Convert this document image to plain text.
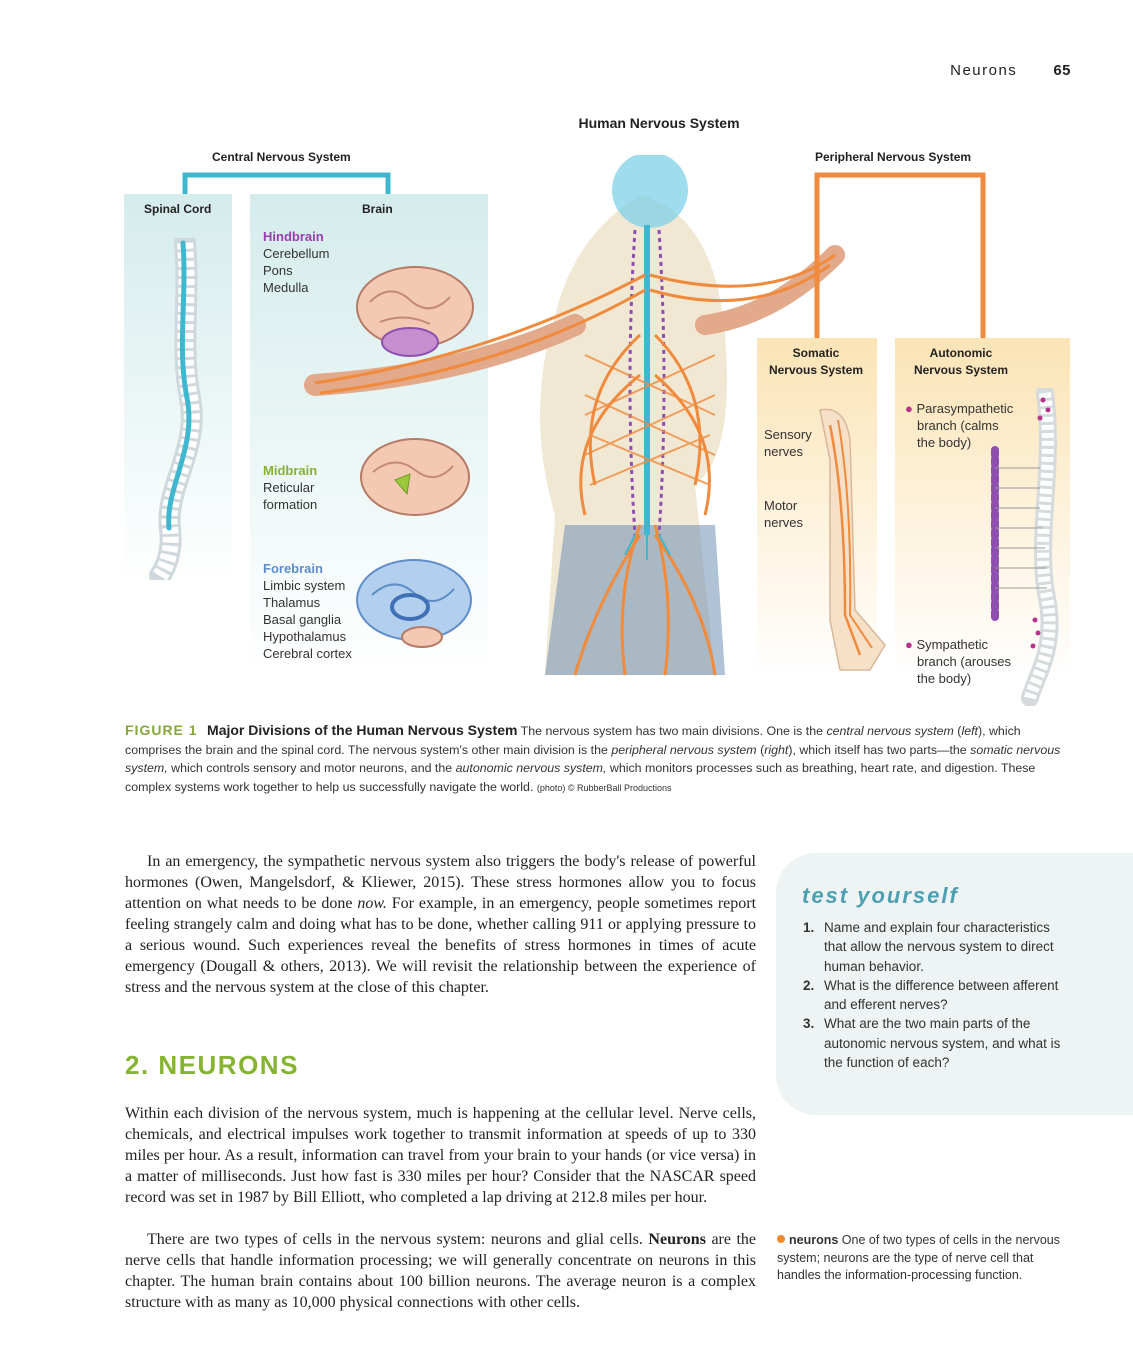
Neurons 65
Human Nervous System
Central Nervous System
Spinal Cord	Brain
Hindbrain
Cerebellum
Pons
Medulla
Midbrain
Reticular
formation
Forebrain
Limbic system
Thalamus
Basal ganglia
Hypothalamus
Cerebral cortex
Peripheral Nervous System
Somatic
Nervous System
Autonomic
Nervous System
Sensory
nerves
Motor
nerves
● Parasympathetic
branch (calms
the body)
● Sympathetic
branch (arouses
the body)
FIGURE 1 Major Divisions of the Human Nervous System The nervous system has two main divisions. One is the central nervous system (left), which comprises the brain and the spinal cord. The nervous system's other main division is the peripheral nervous system (right), which itself has two parts—the somatic nervous system, which controls sensory and motor neurons, and the autonomic nervous system, which monitors processes such as breathing, heart rate, and digestion. These complex systems work together to help us successfully navigate the world. (photo) © RubberBall Productions

In an emergency, the sympathetic nervous system also triggers the body's release of powerful hormones (Owen, Mangelsdorf, & Kliewer, 2015). These stress hormones allow you to focus attention on what needs to be done now. For example, in an emergency, people sometimes report feeling strangely calm and doing what has to be done, whether calling 911 or applying pressure to a serious wound. Such experiences reveal the benefits of stress hormones in times of acute emergency (Dougall & others, 2013). We will revisit the relationship between the experience of stress and the nervous system at the close of this chapter.

2. NEURONS

Within each division of the nervous system, much is happening at the cellular level. Nerve cells, chemicals, and electrical impulses work together to transmit information at speeds of up to 330 miles per hour. As a result, information can travel from your brain to your hands (or vice versa) in a matter of milliseconds. Just how fast is 330 miles per hour? Consider that the NASCAR speed record was set in 1987 by Bill Elliott, who completed a lap driving at 212.8 miles per hour.

There are two types of cells in the nervous system: neurons and glial cells. Neurons are the nerve cells that handle information processing; we will generally concentrate on neurons in this chapter. The human brain contains about 100 billion neurons. The average neuron is a complex structure with as many as 10,000 physical connections with other cells.

test yourself
1. Name and explain four characteristics that allow the nervous system to direct human behavior.
2. What is the difference between afferent and efferent nerves?
3. What are the two main parts of the autonomic nervous system, and what is the function of each?
neurons One of two types of cells in the nervous system; neurons are the type of nerve cell that handles the information-processing function.
